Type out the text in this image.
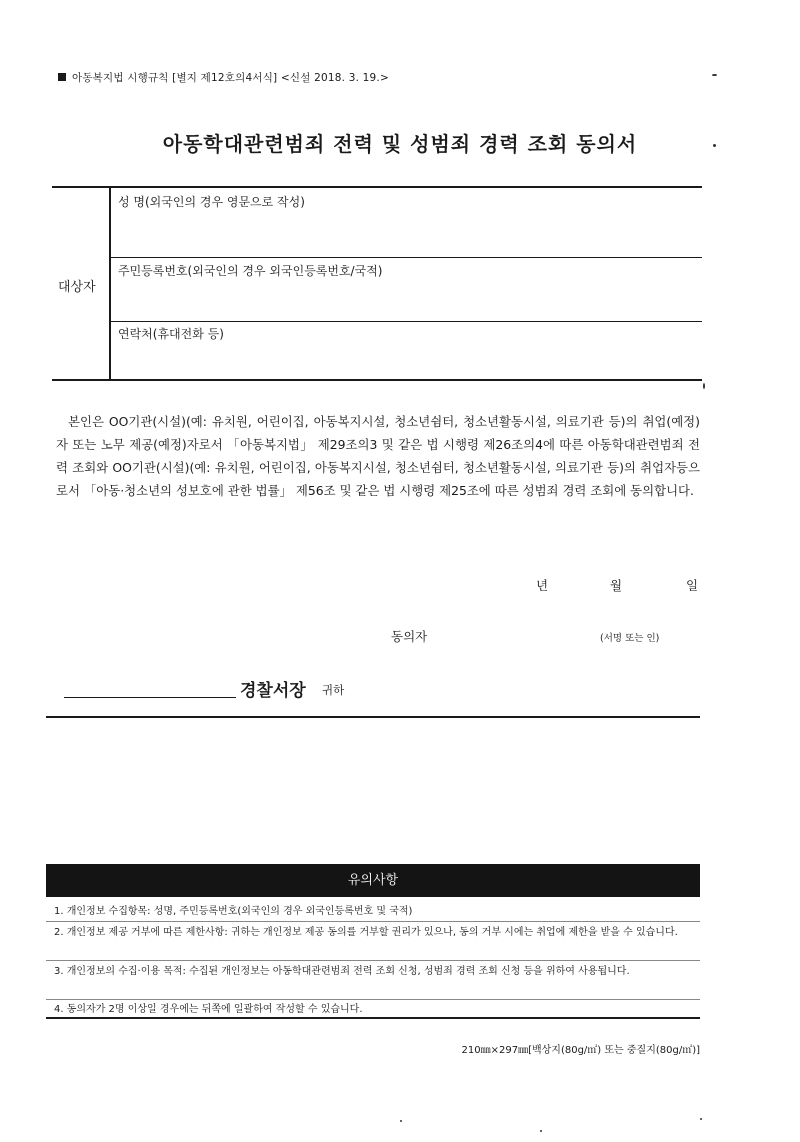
아동복지법 시행규칙 [별지 제12호의4서식] <신설 2018. 3. 19.>
아동학대관련범죄 전력 및 성범죄 경력 조회 동의서
대상자
성 명(외국인의 경우 영문으로 작성)
주민등록번호(외국인의 경우 외국인등록번호/국적)
연락처(휴대전화 등)

본인은 OO기관(시설)(예: 유치원, 어린이집, 아동복지시설, 청소년쉼터, 청소년활동시설, 의료기관 등)의 취업(예정)자 또는 노무 제공(예정)자로서 「아동복지법」 제29조의3 및 같은 법 시행령 제26조의4에 따른 아동학대관련범죄 전력 조회와 OO기관(시설)(예: 유치원, 어린이집, 아동복지시설, 청소년쉼터, 청소년활동시설, 의료기관 등)의 취업자등으로서 「아동·청소년의 성보호에 관한 법률」 제56조 및 같은 법 시행령 제25조에 따른 성범죄 경력 조회에 동의합니다.

년	월	일
동의자	(서명 또는 인)
경찰서장 귀하
유의사항
1. 개인정보 수집항목: 성명, 주민등록번호(외국인의 경우 외국인등록번호 및 국적)
2. 개인정보 제공 거부에 따른 제한사항: 귀하는 개인정보 제공 동의를 거부할 권리가 있으나, 동의 거부 시에는 취업에 제한을 받을 수 있습니다.
3. 개인정보의 수집·이용 목적: 수집된 개인정보는 아동학대관련범죄 전력 조회 신청, 성범죄 경력 조회 신청 등을 위하여 사용됩니다.
4. 동의자가 2명 이상일 경우에는 뒤쪽에 일괄하여 작성할 수 있습니다.
210㎜×297㎜[백상지(80g/㎡) 또는 중질지(80g/㎡)]
